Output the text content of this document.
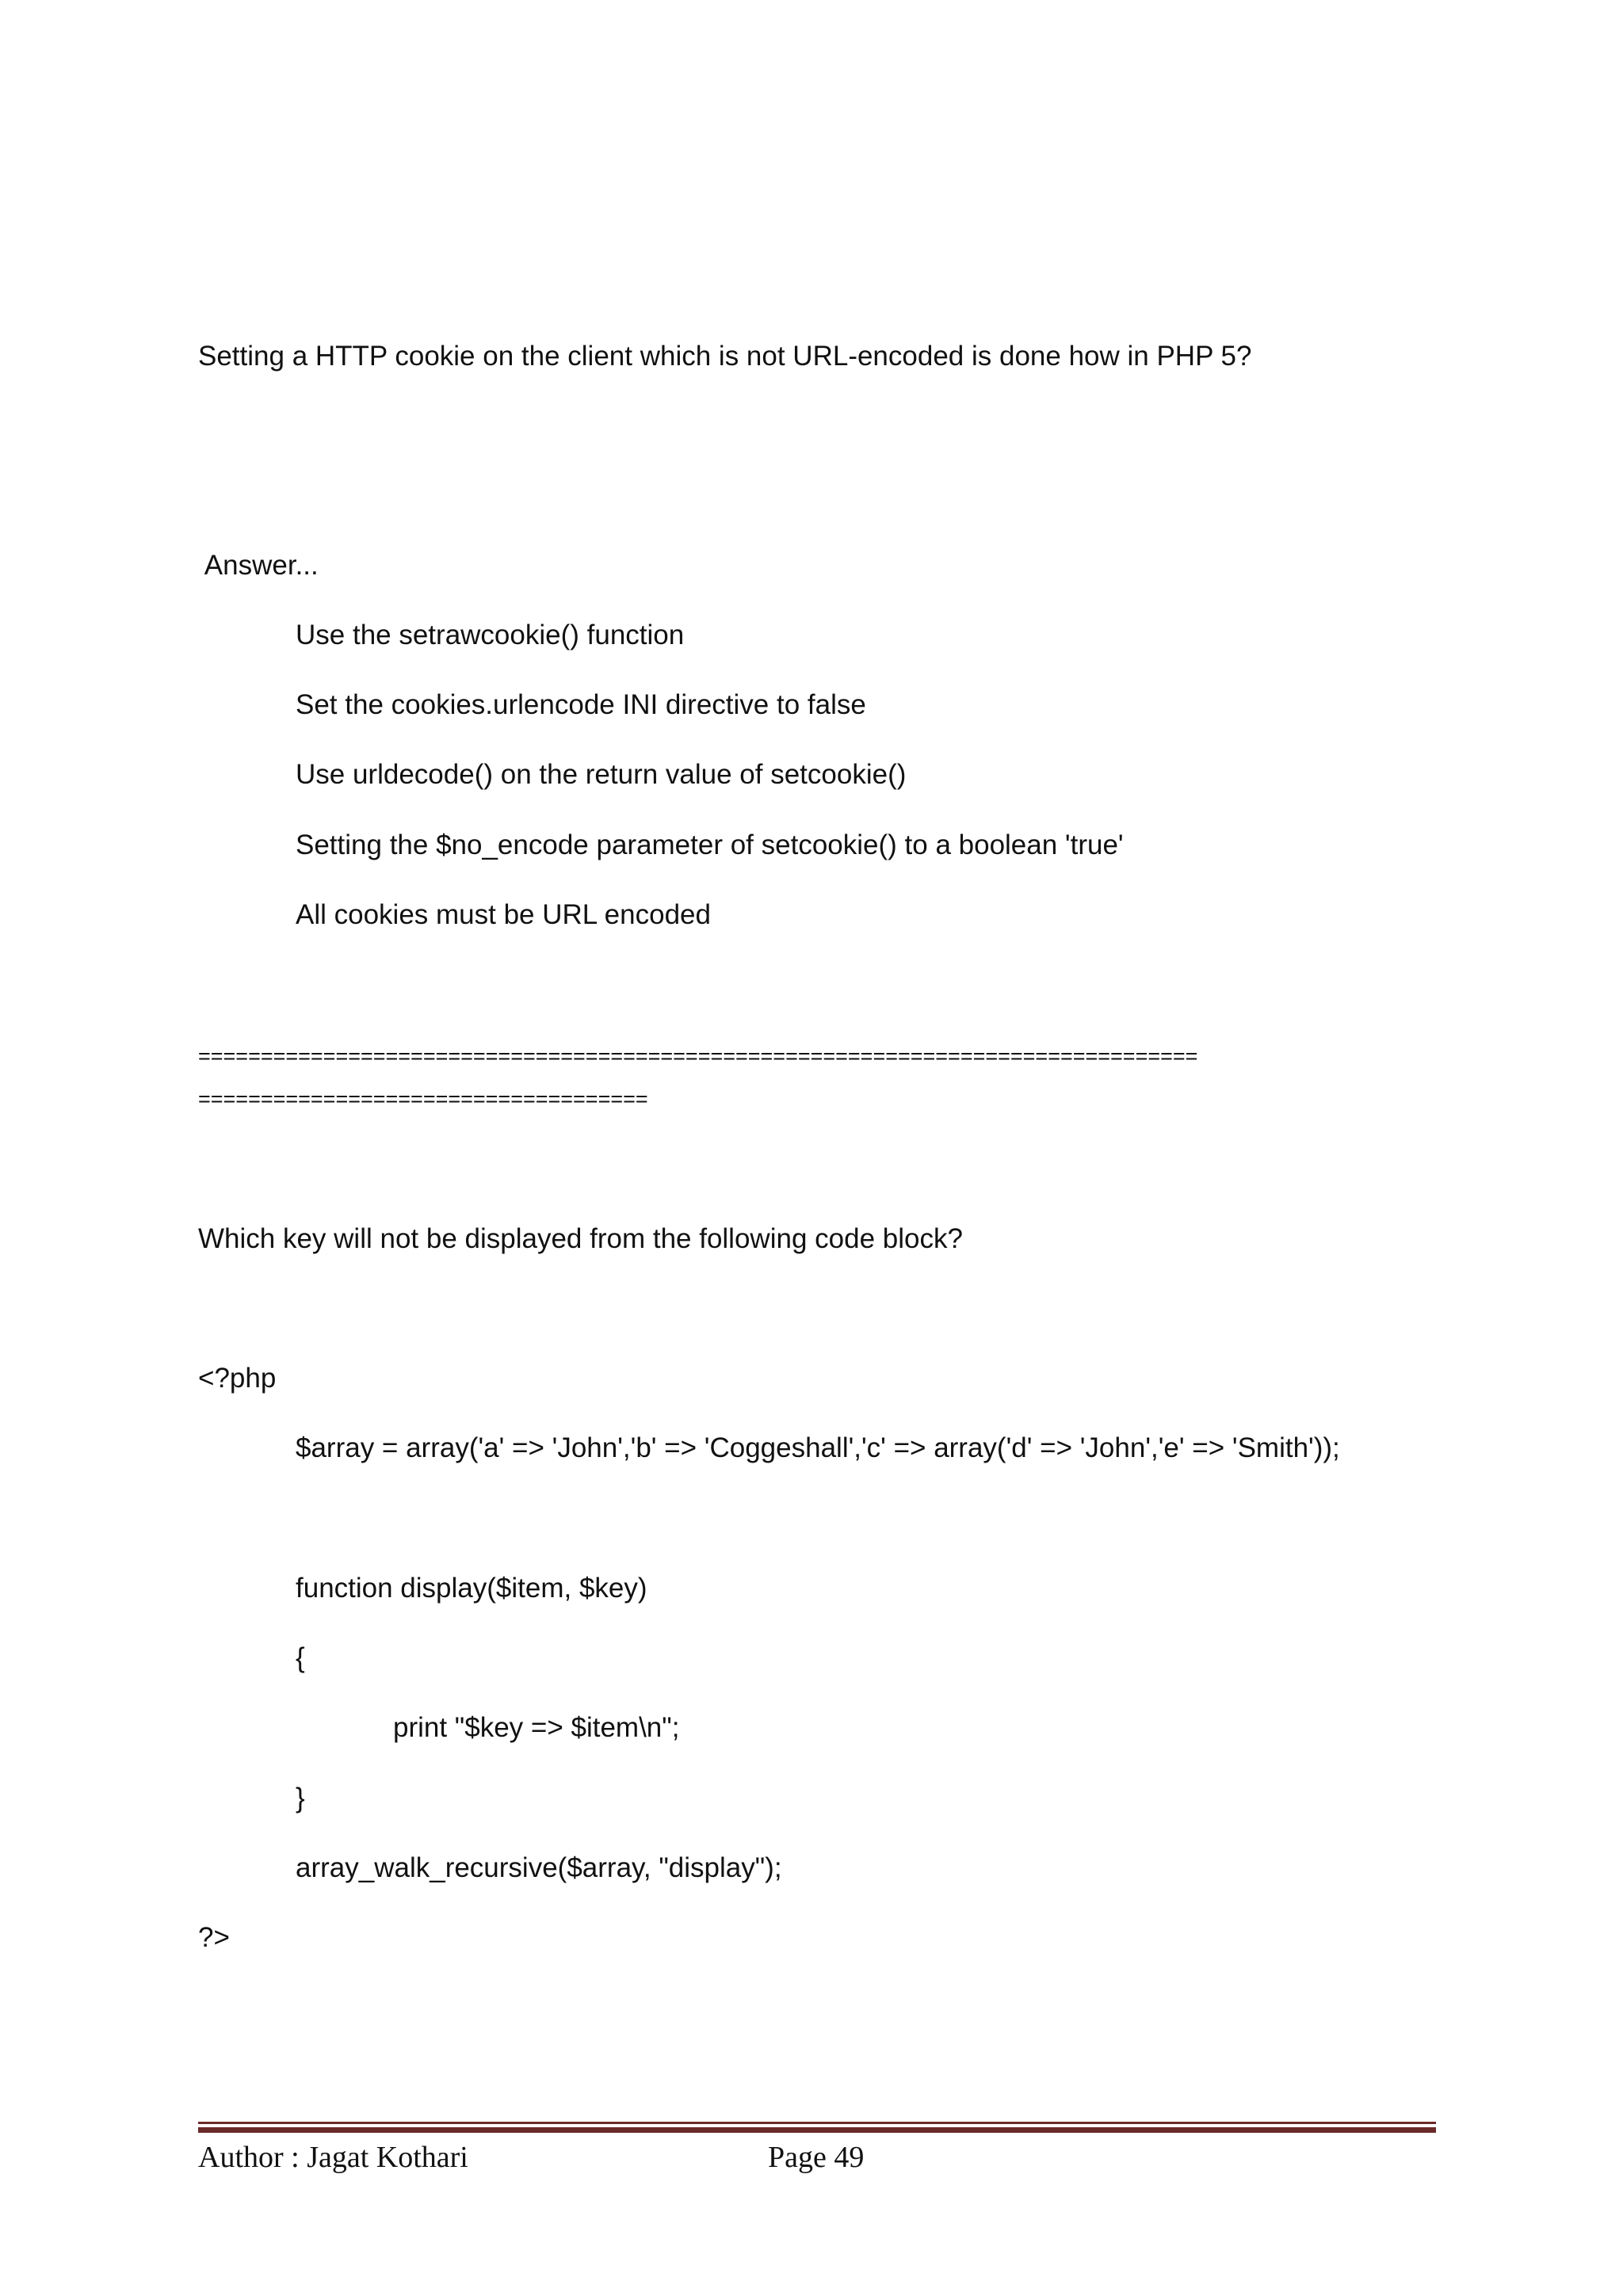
Setting a HTTP cookie on the client which is not URL-encoded is done how in PHP 5?
Answer...
Use the setrawcookie() function
Set the cookies.urlencode INI directive to false
Use urldecode() on the return value of setcookie()
Setting the $no_encode parameter of setcookie() to a boolean 'true'
All cookies must be URL encoded
================================================================================
====================================
Which key will not be displayed from the following code block?
<?php
$array = array('a' => 'John','b' => 'Coggeshall','c' => array('d' => 'John','e' => 'Smith'));
function display($item, $key)
{
print "$key => $item\n";
}
array_walk_recursive($array, "display");
?>
Author : Jagat Kothari	Page 49
